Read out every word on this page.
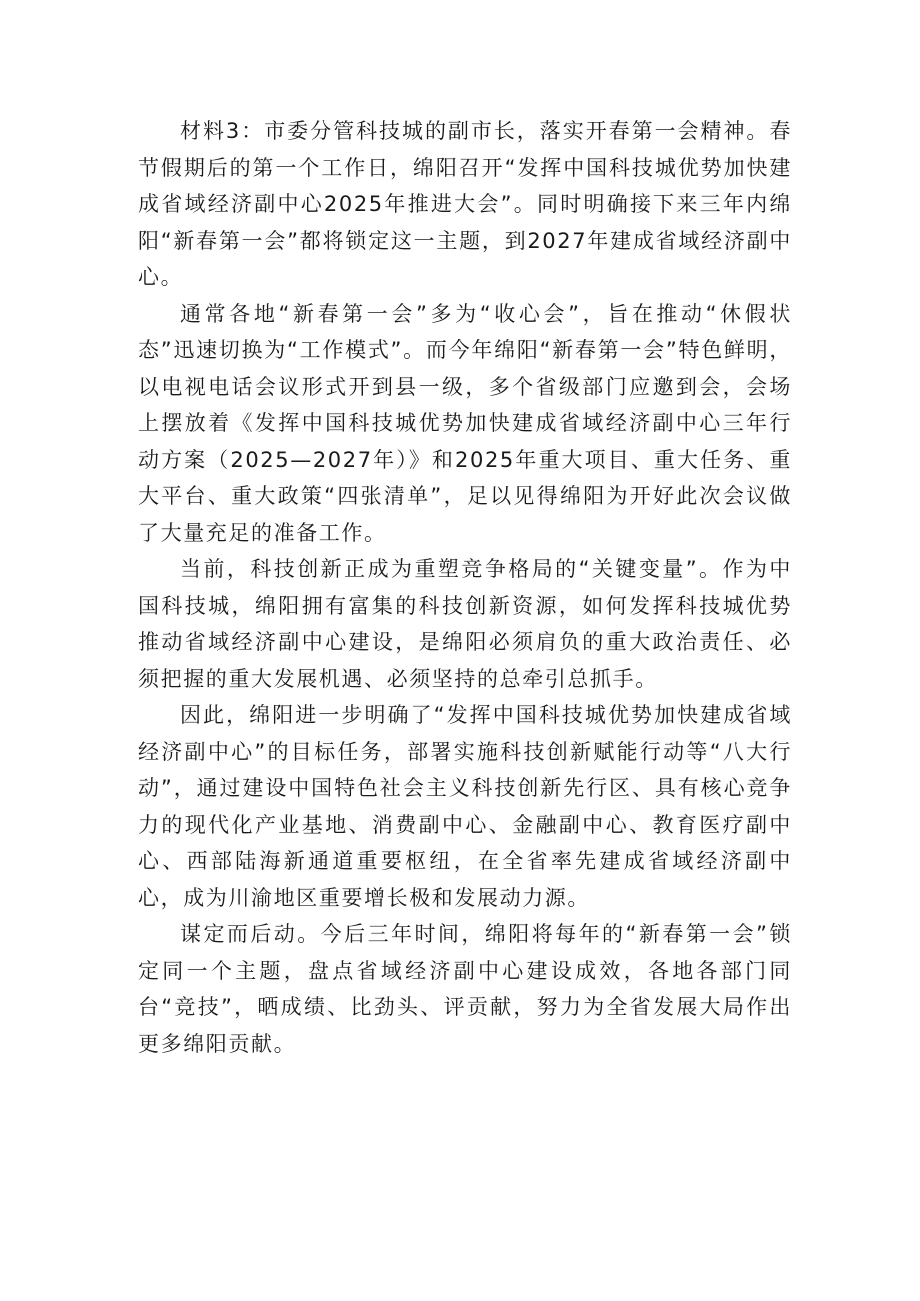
材料3：市委分管科技城的副市长，落实开春第一会精神。春节假期后的第一个工作日，绵阳召开“发挥中国科技城优势加快建成省域经济副中心2025年推进大会”。同时明确接下来三年内绵阳“新春第一会”都将锁定这一主题，到2027年建成省域经济副中心。

通常各地“新春第一会”多为“收心会”，旨在推动“休假状态”迅速切换为“工作模式”。而今年绵阳“新春第一会”特色鲜明，以电视电话会议形式开到县一级，多个省级部门应邀到会，会场上摆放着《发挥中国科技城优势加快建成省域经济副中心三年行动方案（2025—2027年）》和2025年重大项目、重大任务、重大平台、重大政策“四张清单”，足以见得绵阳为开好此次会议做了大量充足的准备工作。

当前，科技创新正成为重塑竞争格局的“关键变量”。作为中国科技城，绵阳拥有富集的科技创新资源，如何发挥科技城优势推动省域经济副中心建设，是绵阳必须肩负的重大政治责任、必须把握的重大发展机遇、必须坚持的总牵引总抓手。

因此，绵阳进一步明确了“发挥中国科技城优势加快建成省域经济副中心”的目标任务，部署实施科技创新赋能行动等“八大行动”，通过建设中国特色社会主义科技创新先行区、具有核心竞争力的现代化产业基地、消费副中心、金融副中心、教育医疗副中心、西部陆海新通道重要枢纽，在全省率先建成省域经济副中心，成为川渝地区重要增长极和发展动力源。

谋定而后动。今后三年时间，绵阳将每年的“新春第一会”锁定同一个主题，盘点省域经济副中心建设成效，各地各部门同台“竞技”，晒成绩、比劲头、评贡献，努力为全省发展大局作出更多绵阳贡献。
